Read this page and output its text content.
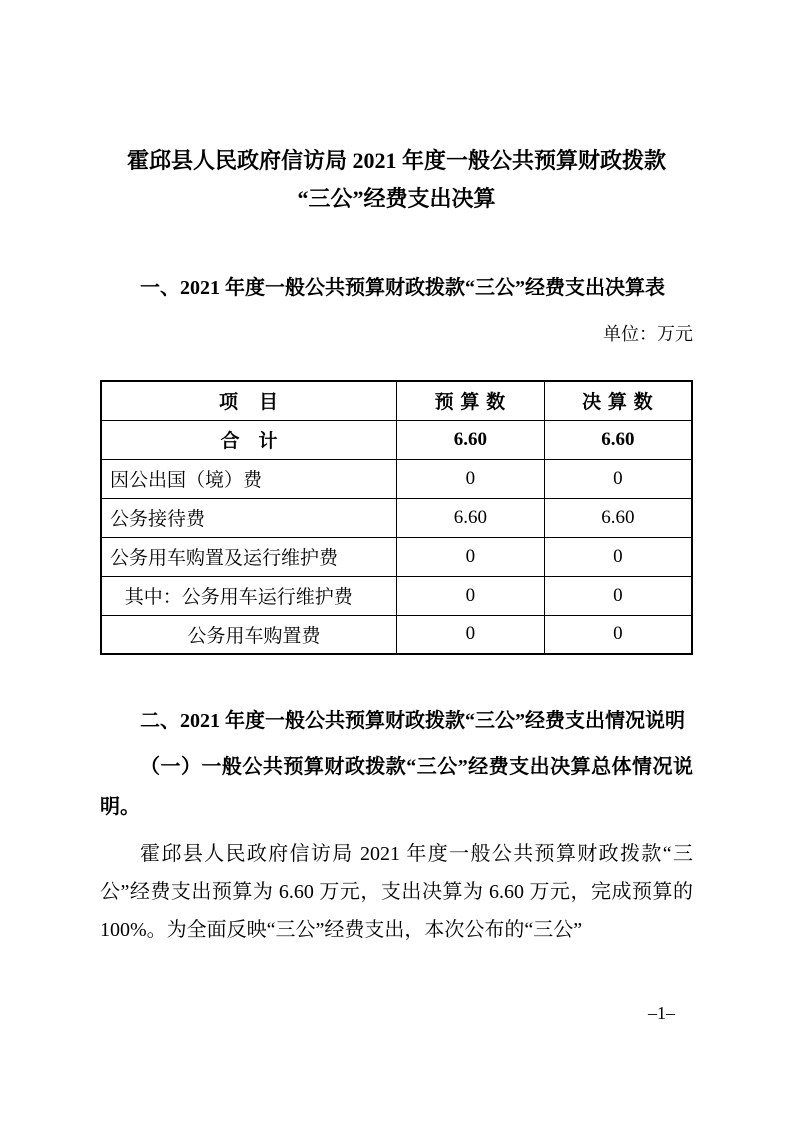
霍邱县人民政府信访局 2021 年度一般公共预算财政拨款
“三公”经费支出决算

一、2021 年度一般公共预算财政拨款“三公”经费支出决算表

单位：万元

项　目	预 算 数	决 算 数
合　计	6.60	6.60
因公出国（境）费	0	0
公务接待费	6.60	6.60
公务用车购置及运行维护费	0	0
其中：公务用车运行维护费	0	0
公务用车购置费	0	0

二、2021 年度一般公共预算财政拨款“三公”经费支出情况说明

（一）一般公共预算财政拨款“三公”经费支出决算总体情况说明。

霍邱县人民政府信访局 2021 年度一般公共预算财政拨款“三公”经费支出预算为 6.60 万元，支出决算为 6.60 万元，完成预算的 100%。为全面反映“三公”经费支出，本次公布的“三公”

–1–
